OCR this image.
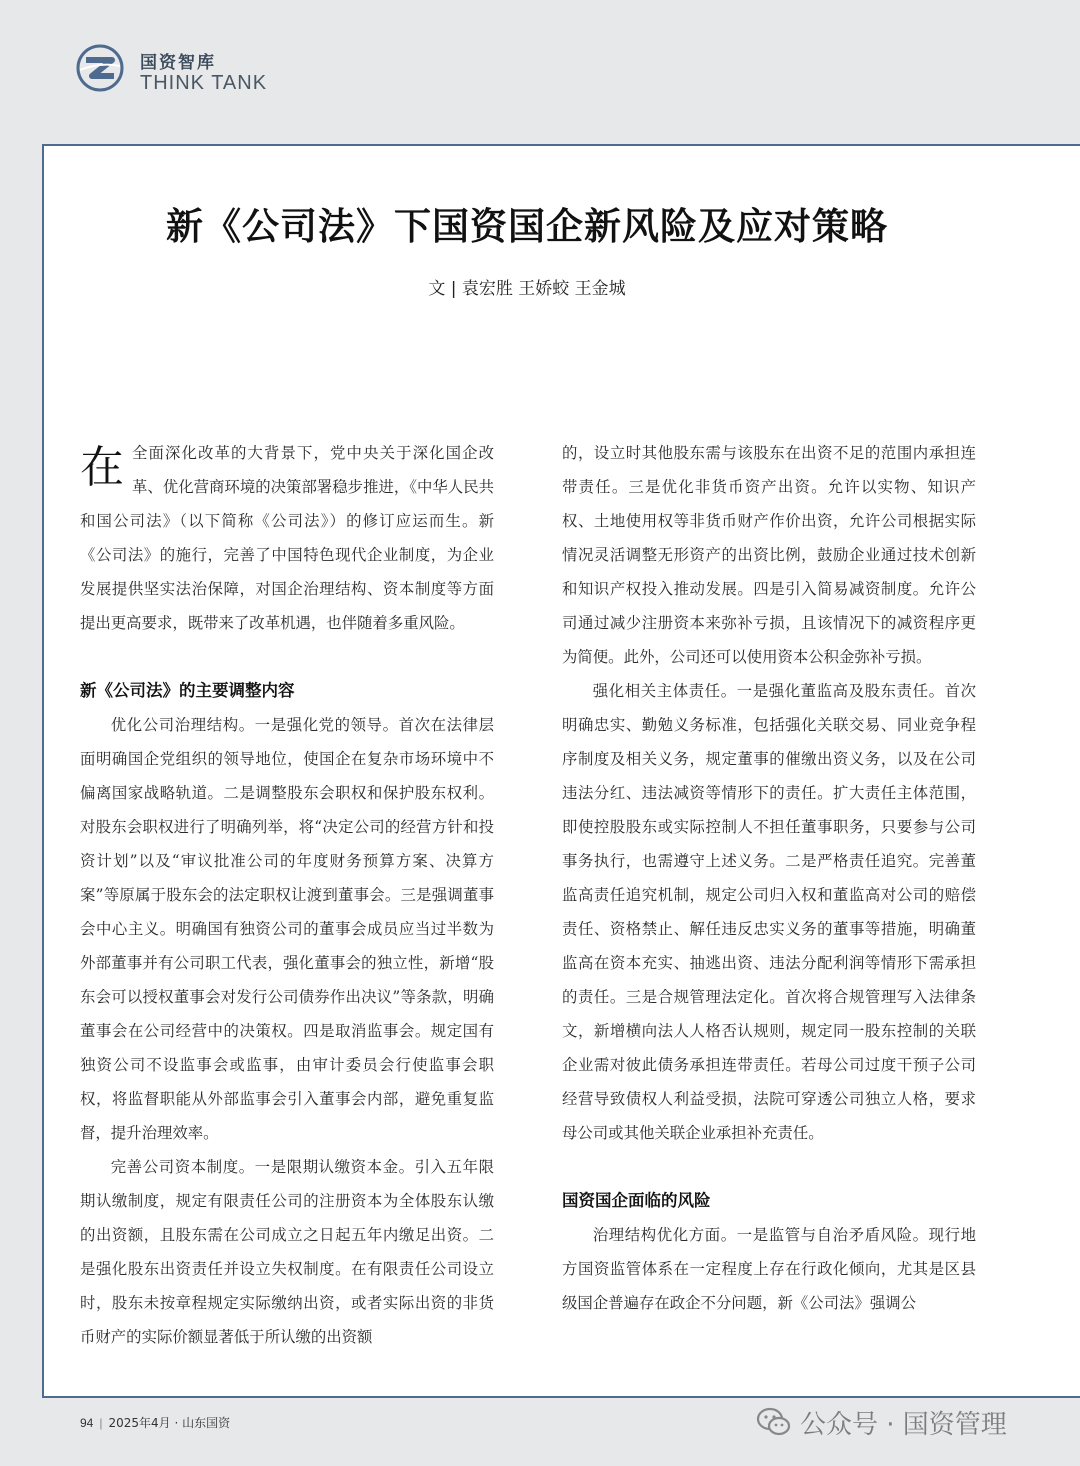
国资智库
THINK TANK
新《公司法》下国资国企新风险及应对策略
文 | 袁宏胜 王娇蛟 王金城

在全面深化改革的大背景下，党中央关于深化国企改革、优化营商环境的决策部署稳步推进，《中华人民共和国公司法》（以下简称《公司法》）的修订应运而生。新《公司法》的施行，完善了中国特色现代企业制度，为企业发展提供坚实法治保障，对国企治理结构、资本制度等方面提出更高要求，既带来了改革机遇，也伴随着多重风险。

新《公司法》的主要调整内容

优化公司治理结构。一是强化党的领导。首次在法律层面明确国企党组织的领导地位，使国企在复杂市场环境中不偏离国家战略轨道。二是调整股东会职权和保护股东权利。对股东会职权进行了明确列举，将“决定公司的经营方针和投资计划”以及“审议批准公司的年度财务预算方案、决算方案”等原属于股东会的法定职权让渡到董事会。三是强调董事会中心主义。明确国有独资公司的董事会成员应当过半数为外部董事并有公司职工代表，强化董事会的独立性，新增“股东会可以授权董事会对发行公司债券作出决议”等条款，明确董事会在公司经营中的决策权。四是取消监事会。规定国有独资公司不设监事会或监事，由审计委员会行使监事会职权，将监督职能从外部监事会引入董事会内部，避免重复监督，提升治理效率。

完善公司资本制度。一是限期认缴资本金。引入五年限期认缴制度，规定有限责任公司的注册资本为全体股东认缴的出资额，且股东需在公司成立之日起五年内缴足出资。二是强化股东出资责任并设立失权制度。在有限责任公司设立时，股东未按章程规定实际缴纳出资，或者实际出资的非货币财产的实际价额显著低于所认缴的出资额

的，设立时其他股东需与该股东在出资不足的范围内承担连带责任。三是优化非货币资产出资。允许以实物、知识产权、土地使用权等非货币财产作价出资，允许公司根据实际情况灵活调整无形资产的出资比例，鼓励企业通过技术创新和知识产权投入推动发展。四是引入简易减资制度。允许公司通过减少注册资本来弥补亏损，且该情况下的减资程序更为简便。此外，公司还可以使用资本公积金弥补亏损。

强化相关主体责任。一是强化董监高及股东责任。首次明确忠实、勤勉义务标准，包括强化关联交易、同业竞争程序制度及相关义务，规定董事的催缴出资义务，以及在公司违法分红、违法减资等情形下的责任。扩大责任主体范围，即使控股股东或实际控制人不担任董事职务，只要参与公司事务执行，也需遵守上述义务。二是严格责任追究。完善董监高责任追究机制，规定公司归入权和董监高对公司的赔偿责任、资格禁止、解任违反忠实义务的董事等措施，明确董监高在资本充实、抽逃出资、违法分配利润等情形下需承担的责任。三是合规管理法定化。首次将合规管理写入法律条文，新增横向法人人格否认规则，规定同一股东控制的关联企业需对彼此债务承担连带责任。若母公司过度干预子公司经营导致债权人利益受损，法院可穿透公司独立人格，要求母公司或其他关联企业承担补充责任。

国资国企面临的风险

治理结构优化方面。一是监管与自治矛盾风险。现行地方国资监管体系在一定程度上存在行政化倾向，尤其是区县级国企普遍存在政企不分问题，新《公司法》强调公

94 | 2025年4月 · 山东国资	公众号 · 国资管理
